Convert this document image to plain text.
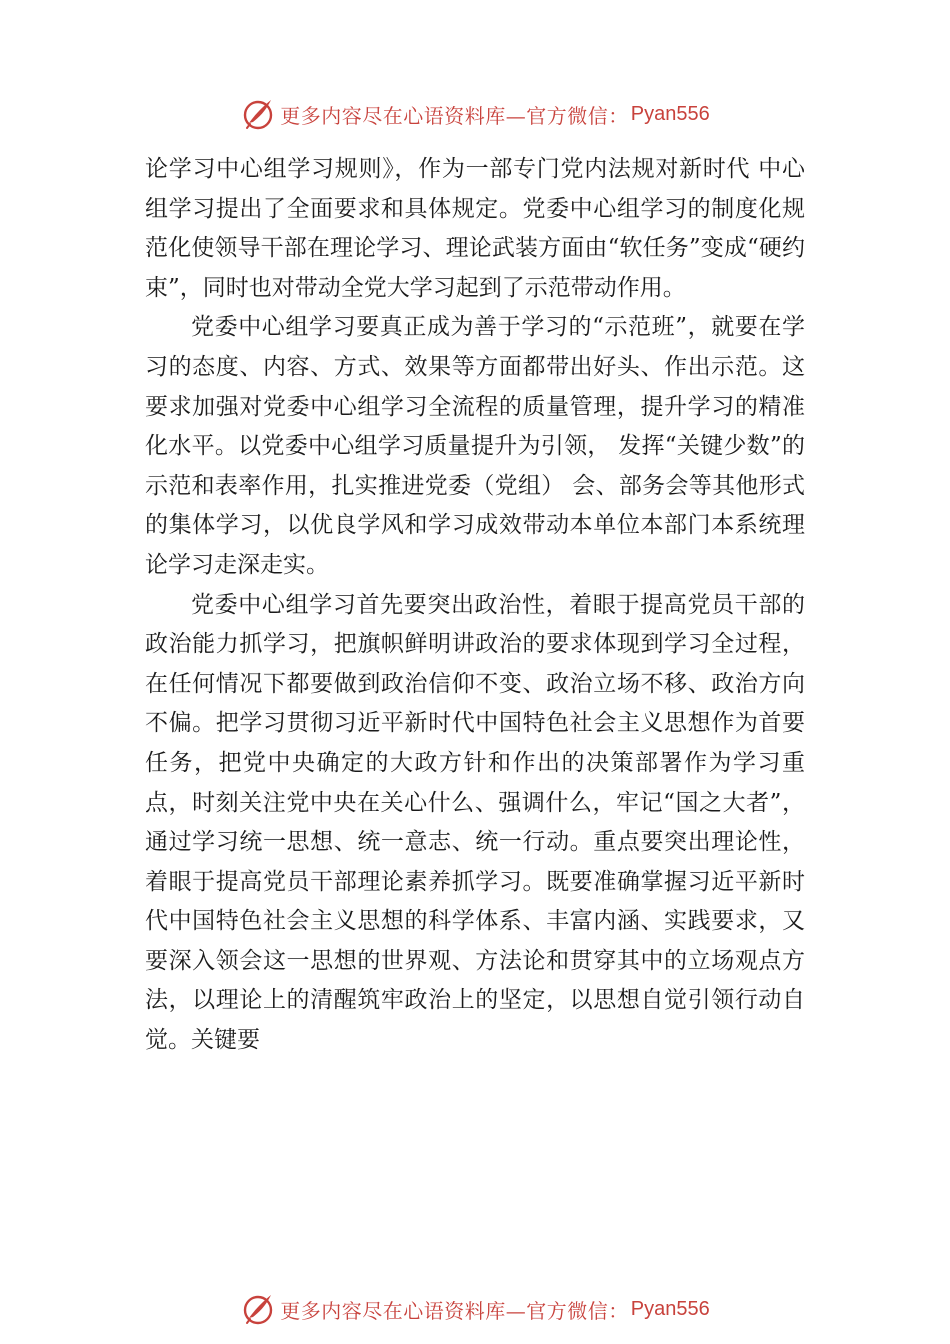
更多内容尽在心语资料库—官方微信： Pyan556

论学习中心组学习规则》，作为一部专门党内法规对新时代 中心组学习提出了全面要求和具体规定。党委中心组学习的制度化规范化使领导干部在理论学习、理论武装方面由“软任务”变成“硬约束”，同时也对带动全党大学习起到了示范带动作用。

党委中心组学习要真正成为善于学习的“示范班”，就要在学习的态度、内容、方式、效果等方面都带出好头、作出示范。这要求加强对党委中心组学习全流程的质量管理，提升学习的精准化水平。以党委中心组学习质量提升为引领， 发挥“关键少数”的示范和表率作用，扎实推进党委（党组） 会、部务会等其他形式的集体学习，以优良学风和学习成效带动本单位本部门本系统理论学习走深走实。

党委中心组学习首先要突出政治性，着眼于提高党员干部的政治能力抓学习，把旗帜鲜明讲政治的要求体现到学习全过程，在任何情况下都要做到政治信仰不变、政治立场不移、政治方向不偏。把学习贯彻习近平新时代中国特色社会主义思想作为首要任务，把党中央确定的大政方针和作出的决策部署作为学习重点，时刻关注党中央在关心什么、强调什么，牢记“国之大者”，通过学习统一思想、统一意志、统一行动。重点要突出理论性，着眼于提高党员干部理论素养抓学习。既要准确掌握习近平新时代中国特色社会主义思想的科学体系、丰富内涵、实践要求，又要深入领会这一思想的世界观、方法论和贯穿其中的立场观点方法，以理论上的清醒筑牢政治上的坚定，以思想自觉引领行动自觉。关键要

更多内容尽在心语资料库—官方微信： Pyan556
